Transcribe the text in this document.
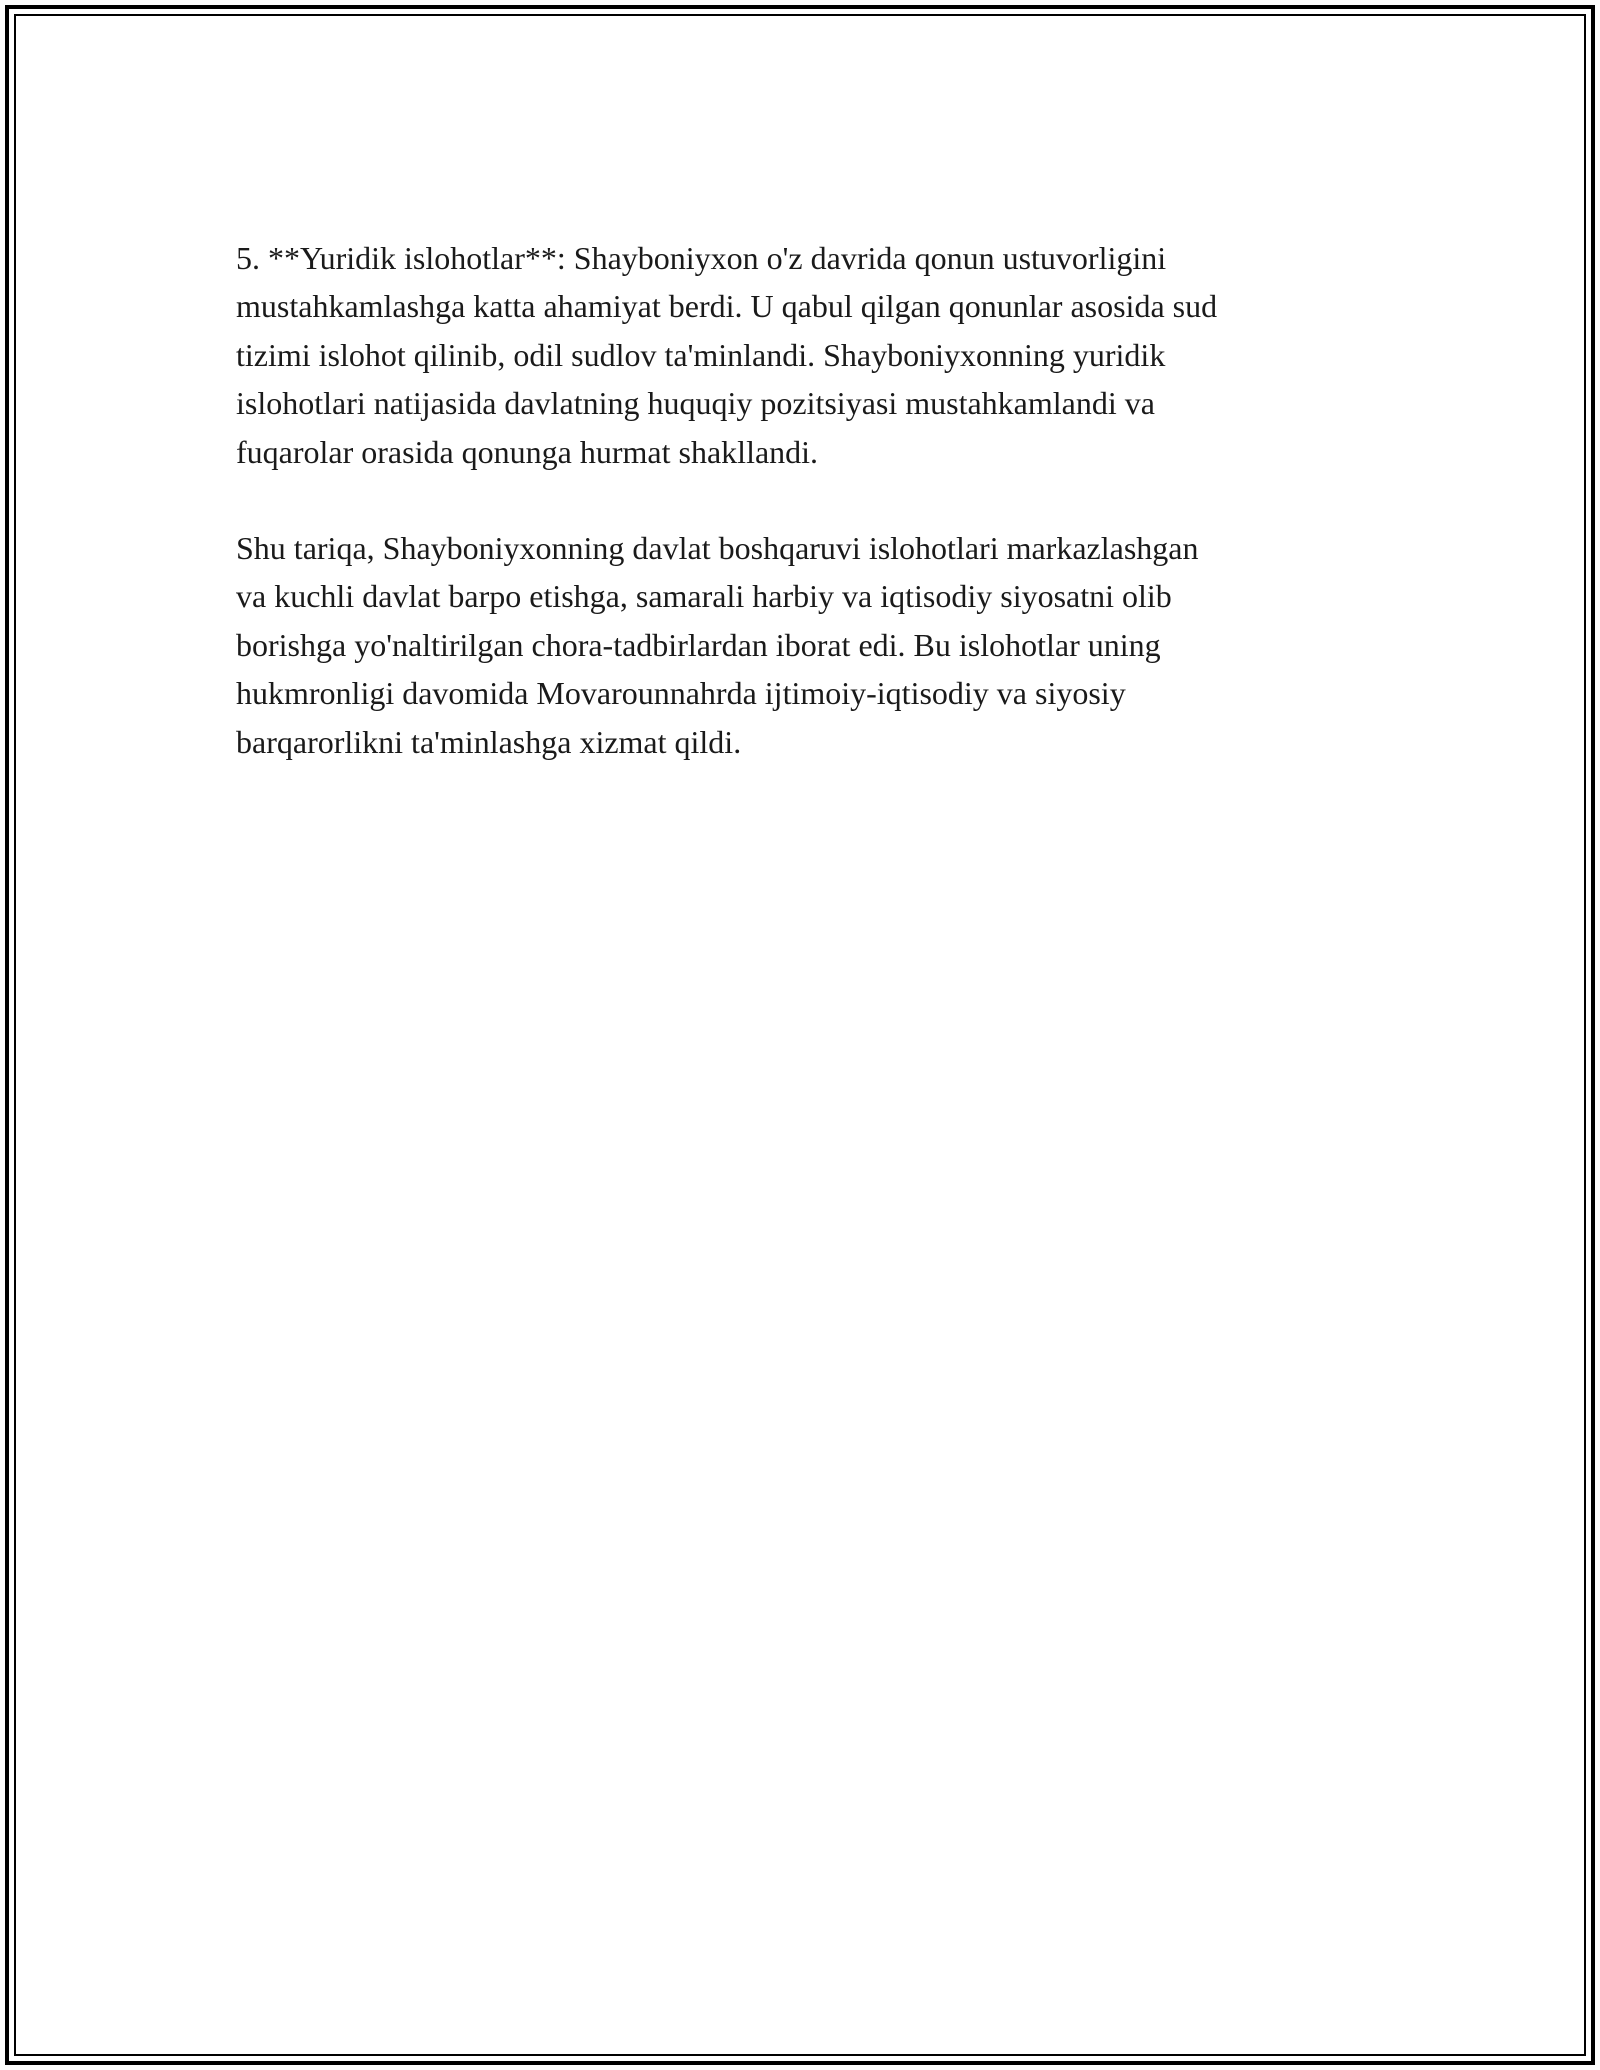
5. **Yuridik islohotlar**: Shayboniyxon o'z davrida qonun ustuvorligini
mustahkamlashga katta ahamiyat berdi. U qabul qilgan qonunlar asosida sud
tizimi islohot qilinib, odil sudlov ta'minlandi. Shayboniyxonning yuridik
islohotlari natijasida davlatning huquqiy pozitsiyasi mustahkamlandi va
fuqarolar orasida qonunga hurmat shakllandi.

Shu tariqa, Shayboniyxonning davlat boshqaruvi islohotlari markazlashgan
va kuchli davlat barpo etishga, samarali harbiy va iqtisodiy siyosatni olib
borishga yo'naltirilgan chora-tadbirlardan iborat edi. Bu islohotlar uning
hukmronligi davomida Movarounnahrda ijtimoiy-iqtisodiy va siyosiy
barqarorlikni ta'minlashga xizmat qildi.
